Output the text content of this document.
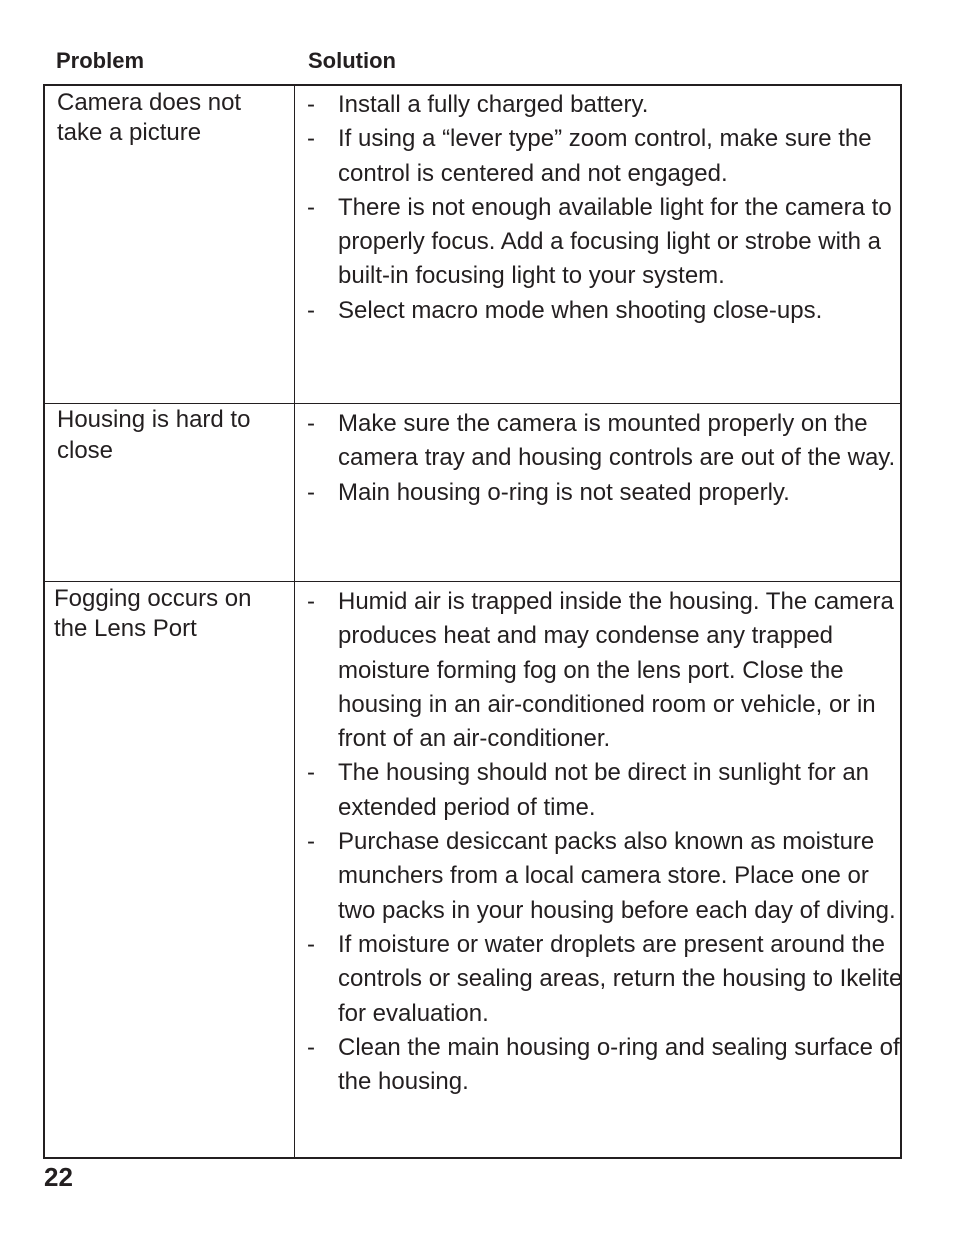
Problem	Solution
Camera does not take a picture
- Install a fully charged battery.
- If using a “lever type” zoom control, make sure the control is centered and not engaged.
- There is not enough available light for the camera to properly focus. Add a focusing light or strobe with a built-in focusing light to your system.
- Select macro mode when shooting close-ups.
Housing is hard to close
- Make sure the camera is mounted properly on the camera tray and housing controls are out of the way.
- Main housing o-ring is not seated properly.
Fogging occurs on the Lens Port
- Humid air is trapped inside the housing. The camera produces heat and may condense any trapped moisture forming fog on the lens port. Close the housing in an air-conditioned room or vehicle, or in front of an air-conditioner.
- The housing should not be direct in sunlight for an extended period of time.
- Purchase desiccant packs also known as moisture munchers from a local camera store. Place one or two packs in your housing before each day of diving.
- If moisture or water droplets are present around the controls or sealing areas, return the housing to Ikelite for evaluation.
- Clean the main housing o-ring and sealing surface of the housing.
22
